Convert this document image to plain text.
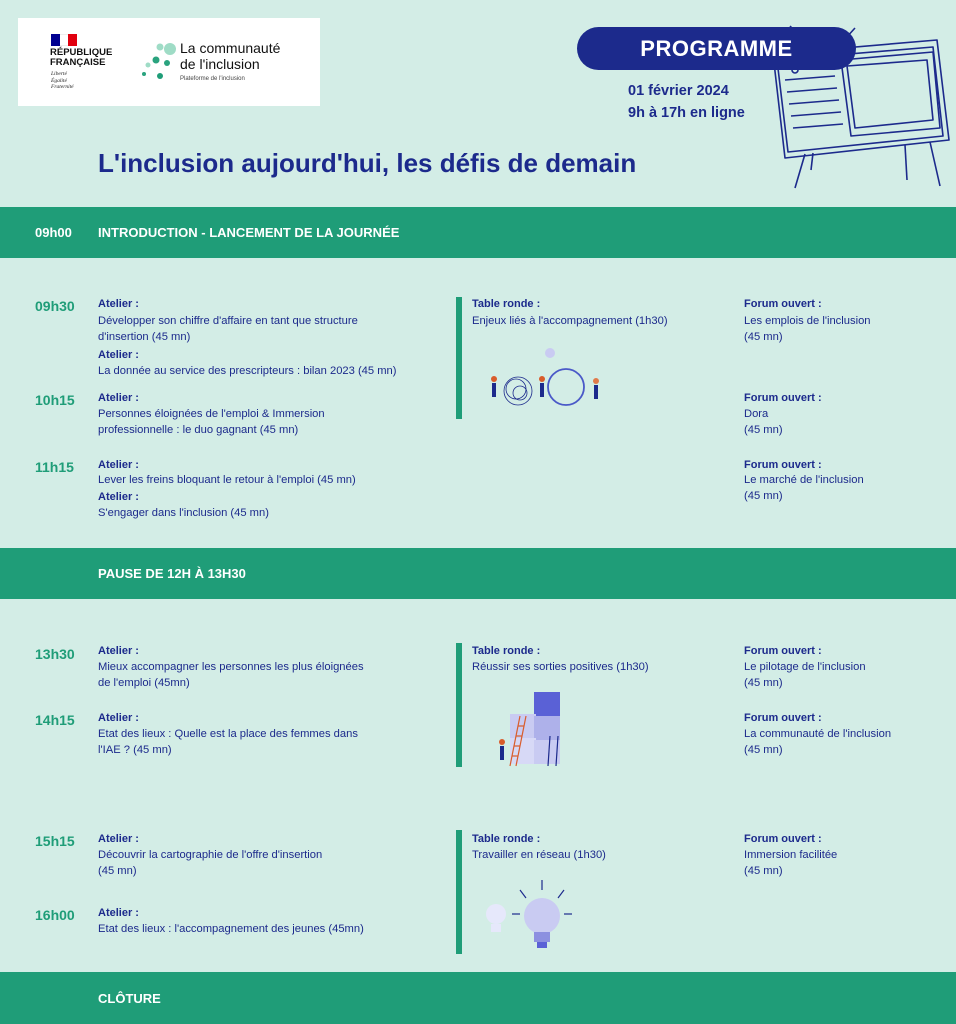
RÉPUBLIQUE
FRANÇAISE
Liberté
Égalité
Fraternité
La communauté
de l'inclusion
Plateforme de l'inclusion
PROGRAMME
01 février 2024
9h à 17h en ligne
L'inclusion aujourd'hui, les défis de demain
09h00 INTRODUCTION - LANCEMENT DE LA JOURNÉE
09h30 Atelier :
Développer son chiffre d'affaire en tant que structure
d'insertion (45 mn)
Atelier :
La donnée au service des prescripteurs : bilan 2023 (45 mn)
10h15 Atelier :
Personnes éloignées de l'emploi & Immersion
professionnelle : le duo gagnant (45 mn)
11h15 Atelier :
Lever les freins bloquant le retour à l'emploi (45 mn)
Atelier :
S'engager dans l'inclusion (45 mn)
Table ronde :
Enjeux liés à l'accompagnement (1h30)
Forum ouvert :
Les emplois de l'inclusion
(45 mn)
Forum ouvert :
Dora
(45 mn)
Forum ouvert :
Le marché de l'inclusion
(45 mn)
PAUSE DE 12H À 13H30
13h30 Atelier :
Mieux accompagner les personnes les plus éloignées
de l'emploi (45mn)
14h15 Atelier :
Etat des lieux : Quelle est la place des femmes dans
l'IAE ? (45 mn)
Table ronde :
Réussir ses sorties positives (1h30)
Forum ouvert :
Le pilotage de l'inclusion
(45 mn)
Forum ouvert :
La communauté de l'inclusion
(45 mn)
15h15 Atelier :
Découvrir la cartographie de l'offre d'insertion
(45 mn)
16h00 Atelier :
Etat des lieux : l'accompagnement des jeunes (45mn)
Table ronde :
Travailler en réseau (1h30)
Forum ouvert :
Immersion facilitée
(45 mn)
CLÔTURE
